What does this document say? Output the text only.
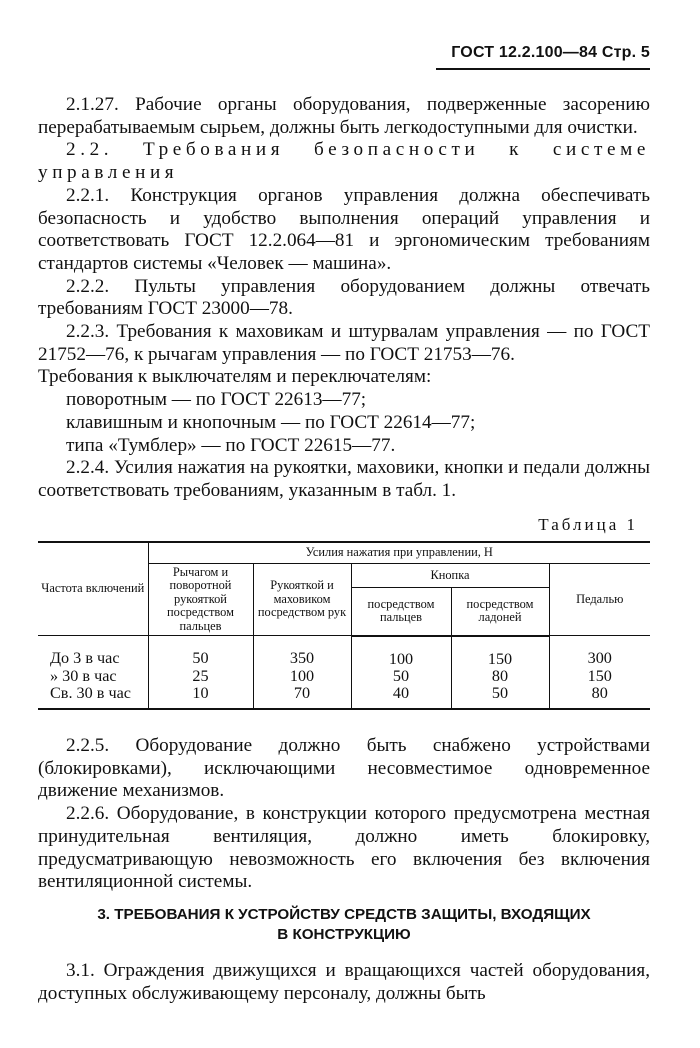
ГОСТ 12.2.100—84 Стр. 5

2.1.27. Рабочие органы оборудования, подверженные засорению перерабатываемым сырьем, должны быть легкодоступными для очистки.

2.2. Требования безопасности к системе управления

2.2.1. Конструкция органов управления должна обеспечивать безопасность и удобство выполнения операций управления и соответствовать ГОСТ 12.2.064—81 и эргономическим требованиям стандартов системы «Человек — машина».

2.2.2. Пульты управления оборудованием должны отвечать требованиям ГОСТ 23000—78.

2.2.3. Требования к маховикам и штурвалам управления — по ГОСТ 21752—76, к рычагам управления — по ГОСТ 21753—76.

Требования к выключателям и переключателям:

поворотным — по ГОСТ 22613—77;

клавишным и кнопочным — по ГОСТ 22614—77;

типа «Тумблер» — по ГОСТ 22615—77.

2.2.4. Усилия нажатия на рукоятки, маховики, кнопки и педали должны соответствовать требованиям, указанным в табл. 1.

Таблица 1
Частота включений	Усилия нажатия при управлении, Н				
	Рычагом и поворотной рукояткой посредством пальцев	Рукояткой и маховиком посредством рук	Кнопка		Педалью
			посредством пальцев	посредством ладоней	
До 3 в час	50	350	100	150	300
» 30 в час	25	100	50	80	150
Св. 30 в час	10	70	40	50	80

2.2.5. Оборудование должно быть снабжено устройствами (блокировками), исключающими несовместимое одновременное движение механизмов.

2.2.6. Оборудование, в конструкции которого предусмотрена местная принудительная вентиляция, должно иметь блокировку, предусматривающую невозможность его включения без включения вентиляционной системы.

3. ТРЕБОВАНИЯ К УСТРОЙСТВУ СРЕДСТВ ЗАЩИТЫ, ВХОДЯЩИХ
В КОНСТРУКЦИЮ

3.1. Ограждения движущихся и вращающихся частей оборудования, доступных обслуживающему персоналу, должны быть
